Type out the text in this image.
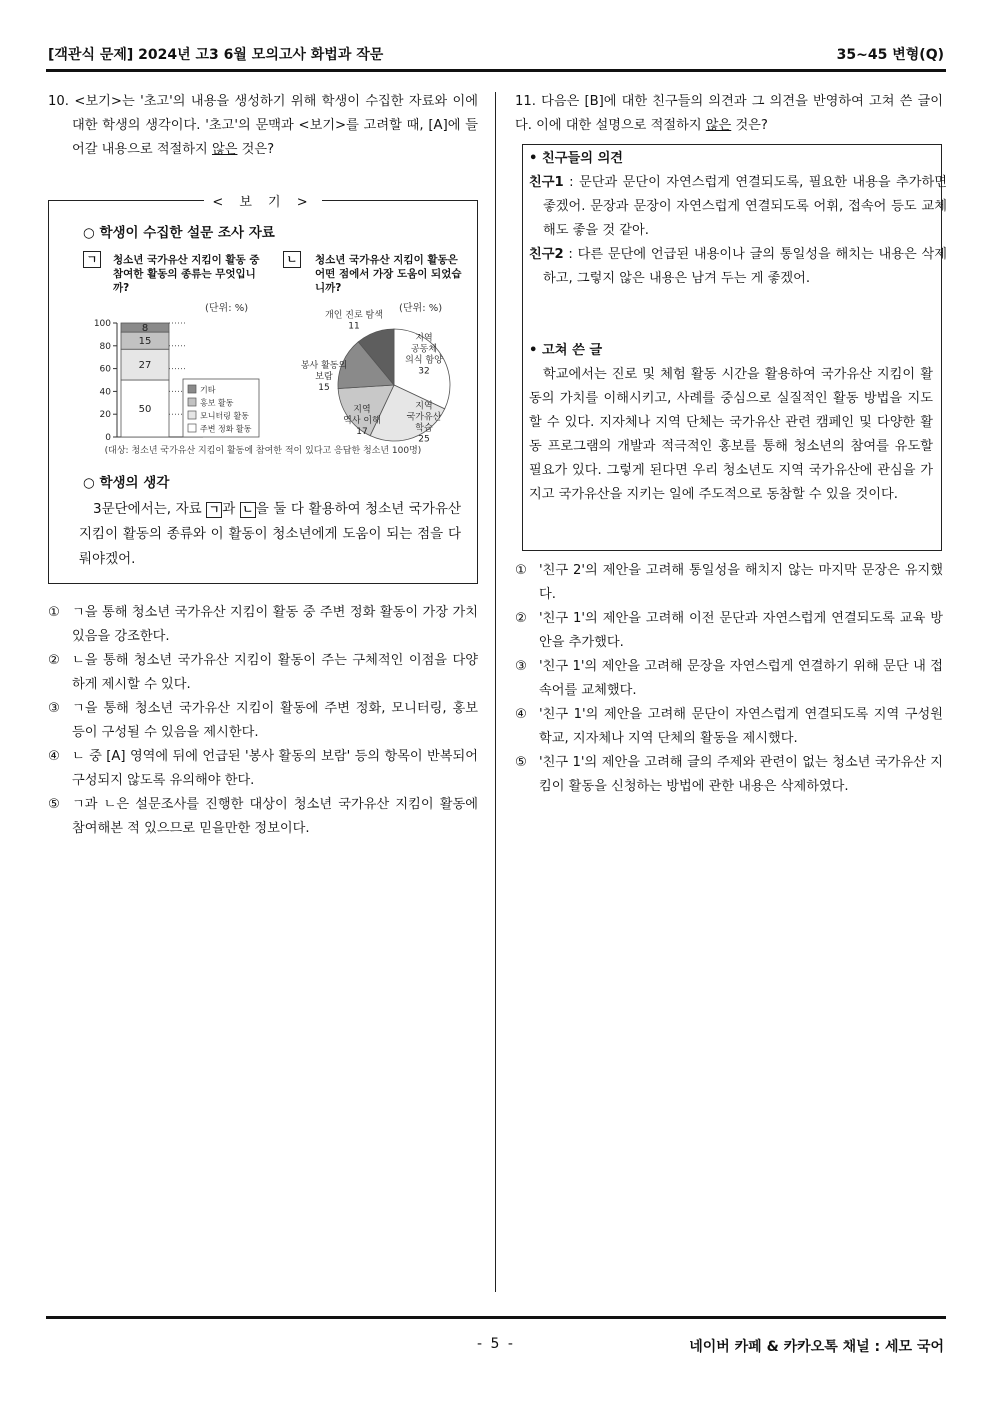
[객관식 문제] 2024년 고3 6월 모의고사 화법과 작문	35~45 변형(Q)
10. <보기>는 '초고'의 내용을 생성하기 위해 학생이 수집한 자료와 이에 대한 학생의 생각이다. '초고'의 문맥과 <보기>를 고려할 때, [A]에 들어갈 내용으로 적절하지 않은 것은?
○ 학생이 수집한 설문 조사 자료
ㄱ	청소년 국가유산 지킴이 활동 중 참여한 활동의 종류는 무엇입니까?
(단위: %)
ㄴ	청소년 국가유산 지킴이 활동은 어떤 점에서 가장 도움이 되었습니까?
(단위: %)
0
20
40
60
80
100
50
27
15
8
기타
홍보 활동
모니터링 활동
주변 정화 활동
지역
공동체
의식 함양
32
지역
국가유산
학습
25
지역
역사 이해
17
봉사 활동의
보람
15
개인 진로 탐색
11
(대상: 청소년 국가유산 지킴이 활동에 참여한 적이 있다고 응답한 청소년 100명)
○ 학생의 생각
3문단에서는, 자료 ㄱ 과 ㄴ 을 둘 다 활용하여 청소년 국가유산 지킴이 활동의 종류와 이 활동이 청소년에게 도움이 되는 점을 다뤄야겠어.
< 보 기 >
① ㄱ을 통해 청소년 국가유산 지킴이 활동 중 주변 정화 활동이 가장 가치 있음을 강조한다.
② ㄴ을 통해 청소년 국가유산 지킴이 활동이 주는 구체적인 이점을 다양하게 제시할 수 있다.
③ ㄱ을 통해 청소년 국가유산 지킴이 활동에 주변 정화, 모니터링, 홍보 등이 구성될 수 있음을 제시한다.
④ ㄴ 중 [A] 영역에 뒤에 언급된 '봉사 활동의 보람' 등의 항목이 반복되어 구성되지 않도록 유의해야 한다.
⑤ ㄱ과 ㄴ은 설문조사를 진행한 대상이 청소년 국가유산 지킴이 활동에 참여해본 적 있으므로 믿을만한 정보이다.
11. 다음은 [B]에 대한 친구들의 의견과 그 의견을 반영하여 고쳐 쓴 글이다. 이에 대한 설명으로 적절하지 않은 것은?
• 친구들의 의견
친구1 : 문단과 문단이 자연스럽게 연결되도록, 필요한 내용을 추가하면 좋겠어. 문장과 문장이 자연스럽게 연결되도록 어휘, 접속어 등도 교체해도 좋을 것 같아.
친구2 : 다른 문단에 언급된 내용이나 글의 통일성을 해치는 내용은 삭제하고, 그렇지 않은 내용은 남겨 두는 게 좋겠어.
• 고쳐 쓴 글
학교에서는 진로 및 체험 활동 시간을 활용하여 국가유산 지킴이 활동의 가치를 이해시키고, 사례를 중심으로 실질적인 활동 방법을 지도할 수 있다. 지자체나 지역 단체는 국가유산 관련 캠페인 및 다양한 활동 프로그램의 개발과 적극적인 홍보를 통해 청소년의 참여를 유도할 필요가 있다. 그렇게 된다면 우리 청소년도 지역 국가유산에 관심을 가지고 국가유산을 지키는 일에 주도적으로 동참할 수 있을 것이다.
① '친구 2'의 제안을 고려해 통일성을 해치지 않는 마지막 문장은 유지했다.
② '친구 1'의 제안을 고려해 이전 문단과 자연스럽게 연결되도록 교육 방안을 추가했다.
③ '친구 1'의 제안을 고려해 문장을 자연스럽게 연결하기 위해 문단 내 접속어를 교체했다.
④ '친구 1'의 제안을 고려해 문단이 자연스럽게 연결되도록 지역 구성원 학교, 지자체나 지역 단체의 활동을 제시했다.
⑤ '친구 1'의 제안을 고려해 글의 주제와 관련이 없는 청소년 국가유산 지킴이 활동을 신청하는 방법에 관한 내용은 삭제하였다.
- 5 -	네이버 카페 & 카카오톡 채널 : 세모 국어
